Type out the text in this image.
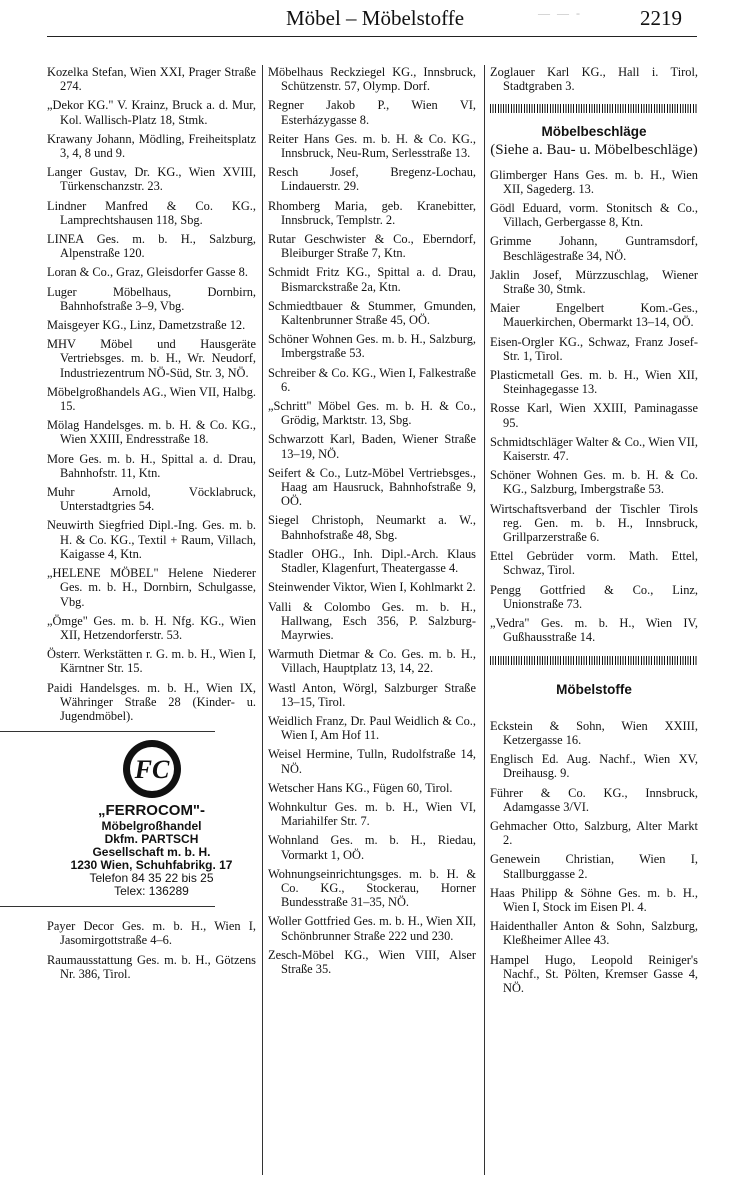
Möbel – Möbelstoffe	— — -	2219
Kozelka Stefan, Wien XXI, Prager Straße 274.
„Dekor KG." V. Krainz, Bruck a. d. Mur, Kol. Wallisch-Platz 18, Stmk.
Krawany Johann, Mödling, Freiheitsplatz 3, 4, 8 und 9.
Langer Gustav, Dr. KG., Wien XVIII, Türkenschanzstr. 23.
Lindner Manfred & Co. KG., Lamprechtshausen 118, Sbg.
LINEA Ges. m. b. H., Salzburg, Alpenstraße 120.
Loran & Co., Graz, Gleisdorfer Gasse 8.
Luger Möbelhaus, Dornbirn, Bahnhofstraße 3–9, Vbg.
Maisgeyer KG., Linz, Dametzstraße 12.
MHV Möbel und Hausgeräte Vertriebsges. m. b. H., Wr. Neudorf, Industriezentrum NÖ-Süd, Str. 3, NÖ.
Möbelgroßhandels AG., Wien VII, Halbg. 15.
Mölag Handelsges. m. b. H. & Co. KG., Wien XXIII, Endresstraße 18.
More Ges. m. b. H., Spittal a. d. Drau, Bahnhofstr. 11, Ktn.
Muhr Arnold, Vöcklabruck, Unterstadtgries 54.
Neuwirth Siegfried Dipl.-Ing. Ges. m. b. H. & Co. KG., Textil + Raum, Villach, Kaigasse 4, Ktn.
„HELENE MÖBEL" Helene Niederer Ges. m. b. H., Dornbirn, Schulgasse, Vbg.
„Ömge" Ges. m. b. H. Nfg. KG., Wien XII, Hetzendorferstr. 53.
Österr. Werkstätten r. G. m. b. H., Wien I, Kärntner Str. 15.
Paidi Handelsges. m. b. H., Wien IX, Währinger Straße 28 (Kinder- u. Jugendmöbel).
FC
„FERROCOM"-
Möbelgroßhandel
Dkfm. PARTSCH
Gesellschaft m. b. H.
1230 Wien, Schuhfabrikg. 17
Telefon 84 35 22 bis 25
Telex: 136289
Payer Decor Ges. m. b. H., Wien I, Jasomirgottstraße 4–6.
Raumausstattung Ges. m. b. H., Götzens Nr. 386, Tirol.
Möbelhaus Reckziegel KG., Innsbruck, Schützenstr. 57, Olymp. Dorf.
Regner Jakob P., Wien VI, Esterházygasse 8.
Reiter Hans Ges. m. b. H. & Co. KG., Innsbruck, Neu-Rum, Serlesstraße 13.
Resch Josef, Bregenz-Lochau, Lindauerstr. 29.
Rhomberg Maria, geb. Kranebitter, Innsbruck, Templstr. 2.
Rutar Geschwister & Co., Eberndorf, Bleiburger Straße 7, Ktn.
Schmidt Fritz KG., Spittal a. d. Drau, Bismarckstraße 2a, Ktn.
Schmiedtbauer & Stummer, Gmunden, Kaltenbrunner Straße 45, OÖ.
Schöner Wohnen Ges. m. b. H., Salzburg, Imbergstraße 53.
Schreiber & Co. KG., Wien I, Falkestraße 6.
„Schritt" Möbel Ges. m. b. H. & Co., Grödig, Marktstr. 13, Sbg.
Schwarzott Karl, Baden, Wiener Straße 13–19, NÖ.
Seifert & Co., Lutz-Möbel Vertriebsges., Haag am Hausruck, Bahnhofstraße 9, OÖ.
Siegel Christoph, Neumarkt a. W., Bahnhofstraße 48, Sbg.
Stadler OHG., Inh. Dipl.-Arch. Klaus Stadler, Klagenfurt, Theatergasse 4.
Steinwender Viktor, Wien I, Kohlmarkt 2.
Valli & Colombo Ges. m. b. H., Hallwang, Esch 356, P. Salzburg-Mayrwies.
Warmuth Dietmar & Co. Ges. m. b. H., Villach, Hauptplatz 13, 14, 22.
Wastl Anton, Wörgl, Salzburger Straße 13–15, Tirol.
Weidlich Franz, Dr. Paul Weidlich & Co., Wien I, Am Hof 11.
Weisel Hermine, Tulln, Rudolfstraße 14, NÖ.
Wetscher Hans KG., Fügen 60, Tirol.
Wohnkultur Ges. m. b. H., Wien VI, Mariahilfer Str. 7.
Wohnland Ges. m. b. H., Riedau, Vormarkt 1, OÖ.
Wohnungseinrichtungsges. m. b. H. & Co. KG., Stockerau, Horner Bundesstraße 31–35, NÖ.
Woller Gottfried Ges. m. b. H., Wien XII, Schönbrunner Straße 222 und 230.
Zesch-Möbel KG., Wien VIII, Alser Straße 35.
Zoglauer Karl KG., Hall i. Tirol, Stadtgraben 3.
Möbelbeschläge
(Siehe a. Bau- u. Möbelbeschläge)
Glimberger Hans Ges. m. b. H., Wien XII, Sagederg. 13.
Gödl Eduard, vorm. Stonitsch & Co., Villach, Gerbergasse 8, Ktn.
Grimme Johann, Guntramsdorf, Beschlägestraße 34, NÖ.
Jaklin Josef, Mürzzuschlag, Wiener Straße 30, Stmk.
Maier Engelbert Kom.-Ges., Mauerkirchen, Obermarkt 13–14, OÖ.
Eisen-Orgler KG., Schwaz, Franz Josef-Str. 1, Tirol.
Plasticmetall Ges. m. b. H., Wien XII, Steinhagegasse 13.
Rosse Karl, Wien XXIII, Paminagasse 95.
Schmidtschläger Walter & Co., Wien VII, Kaiserstr. 47.
Schöner Wohnen Ges. m. b. H. & Co. KG., Salzburg, Imbergstraße 53.
Wirtschaftsverband der Tischler Tirols reg. Gen. m. b. H., Innsbruck, Grillparzerstraße 6.
Ettel Gebrüder vorm. Math. Ettel, Schwaz, Tirol.
Pengg Gottfried & Co., Linz, Unionstraße 73.
„Vedra" Ges. m. b. H., Wien IV, Gußhausstraße 14.
Möbelstoffe
Eckstein & Sohn, Wien XXIII, Ketzergasse 16.
Englisch Ed. Aug. Nachf., Wien XV, Dreihausg. 9.
Führer & Co. KG., Innsbruck, Adamgasse 3/VI.
Gehmacher Otto, Salzburg, Alter Markt 2.
Genewein Christian, Wien I, Stallburggasse 2.
Haas Philipp & Söhne Ges. m. b. H., Wien I, Stock im Eisen Pl. 4.
Haidenthaller Anton & Sohn, Salzburg, Kleßheimer Allee 43.
Hampel Hugo, Leopold Reiniger's Nachf., St. Pölten, Kremser Gasse 4, NÖ.
